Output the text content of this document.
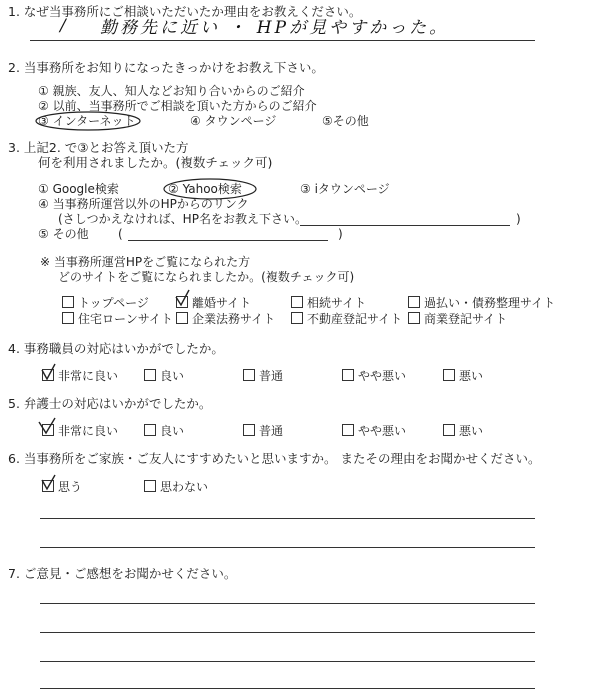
1. なぜ当事務所にご相談いただいたか理由をお教えください。
/ 勤務先に近い ・ HPが見やすかった。
2. 当事務所をお知りになったきっかけをお教え下さい。
① 親族、友人、知人などお知り合いからのご紹介
② 以前、当事務所でご相談を頂いた方からのご紹介
③ インターネット	④ タウンページ	⑤その他
3. 上記2. で③とお答え頂いた方
何を利用されましたか。(複数チェック可)
① Google検索	② Yahoo検索	③ iタウンページ
④ 当事務所運営以外のHPからのリンク
(さしつかえなければ、HP名をお教え下さい。	)
⑤ その他 (	)
※ 当事務所運営HPをご覧になられた方
どのサイトをご覧になられましたか。(複数チェック可)
トップページ	離婚サイト	相続サイト	過払い・債務整理サイト
住宅ローンサイト	企業法務サイト	不動産登記サイト	商業登記サイト
4. 事務職員の対応はいかがでしたか。
非常に良い	良い	普通	やや悪い	悪い
5. 弁護士の対応はいかがでしたか。
非常に良い	良い	普通	やや悪い	悪い
6. 当事務所をご家族・ご友人にすすめたいと思いますか。 またその理由をお聞かせください。
思う	思わない
7. ご意見・ご感想をお聞かせください。
